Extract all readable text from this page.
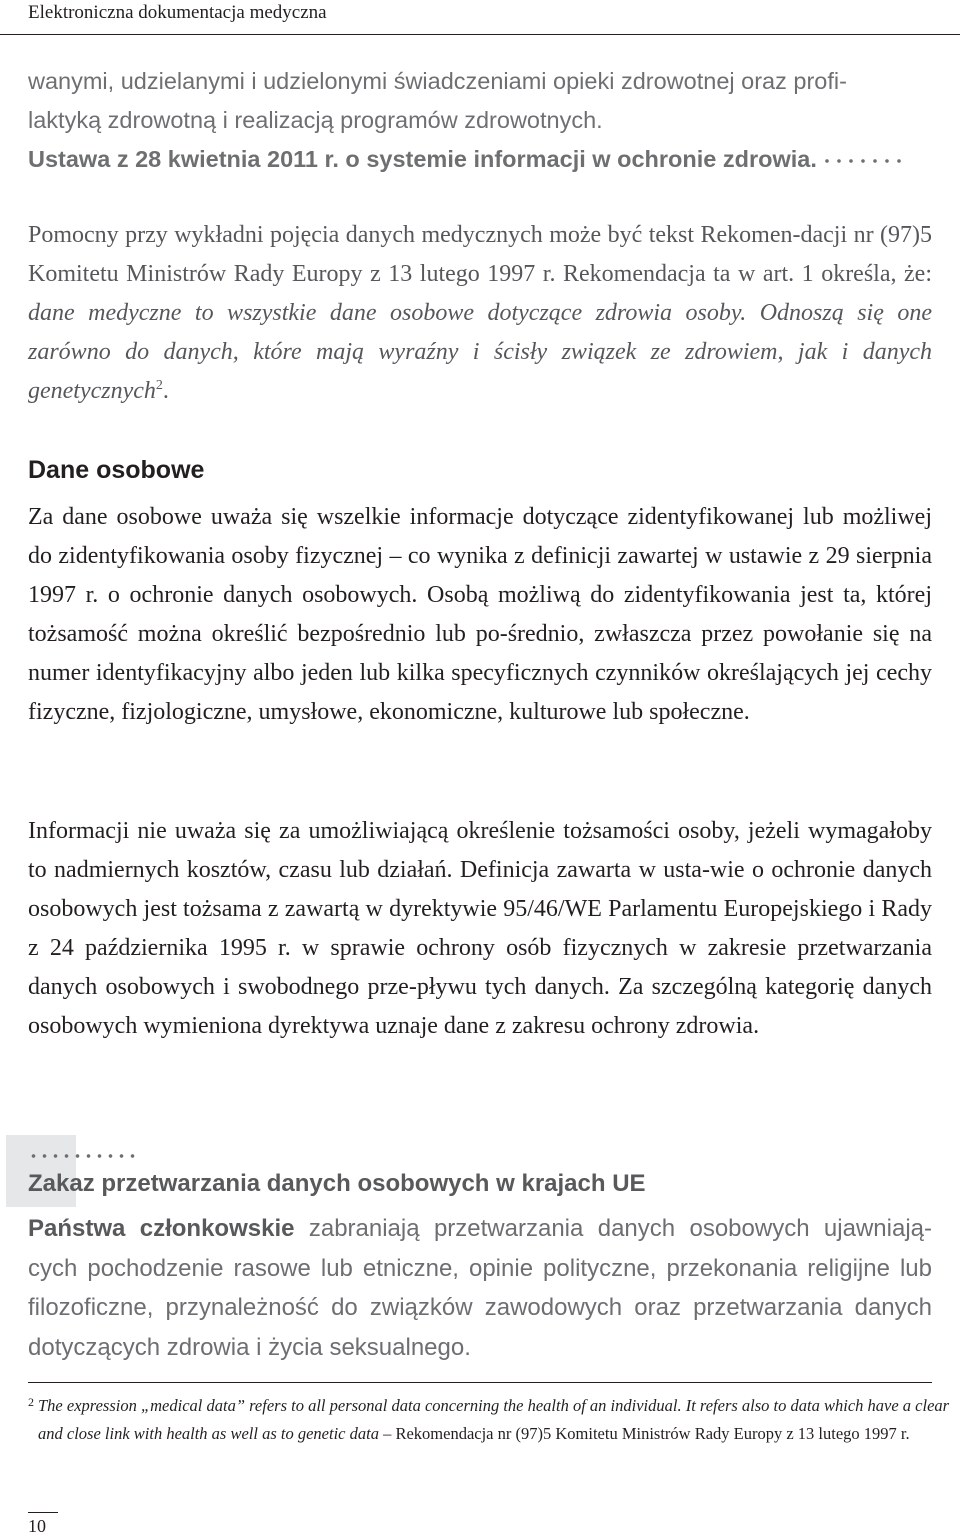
Elektroniczna dokumentacja medyczna

wanymi, udzielanymi i udzielonymi świadczeniami opieki zdrowotnej oraz profi-

laktyką zdrowotną i realizacją programów zdrowotnych.

Ustawa z 28 kwietnia 2011 r. o systemie informacji w ochronie zdrowia.

Pomocny przy wykładni pojęcia danych medycznych może być tekst Rekomen-dacji nr (97)5 Komitetu Ministrów Rady Europy z 13 lutego 1997 r. Rekomendacja ta w art. 1 określa, że: dane medyczne to wszystkie dane osobowe dotyczące zdrowia osoby. Odnoszą się one zarówno do danych, które mają wyraźny i ścisły związek ze zdrowiem, jak i danych genetycznych$^2$.

Dane osobowe

Za dane osobowe uważa się wszelkie informacje dotyczące zidentyfikowanej lub możliwej do zidentyfikowania osoby fizycznej – co wynika z definicji zawartej w ustawie z 29 sierpnia 1997 r. o ochronie danych osobowych. Osobą możliwą do zidentyfikowania jest ta, której tożsamość można określić bezpośrednio lub po-średnio, zwłaszcza przez powołanie się na numer identyfikacyjny albo jeden lub kilka specyficznych czynników określających jej cechy fizyczne, fizjologiczne, umysłowe, ekonomiczne, kulturowe lub społeczne.

Informacji nie uważa się za umożliwiającą określenie tożsamości osoby, jeżeli wymagałoby to nadmiernych kosztów, czasu lub działań. Definicja zawarta w usta-wie o ochronie danych osobowych jest tożsama z zawartą w dyrektywie 95/46/WE Parlamentu Europejskiego i Rady z 24 października 1995 r. w sprawie ochrony osób fizycznych w zakresie przetwarzania danych osobowych i swobodnego prze-pływu tych danych. Za szczególną kategorię danych osobowych wymieniona dyrektywa uznaje dane z zakresu ochrony zdrowia.

Zakaz przetwarzania danych osobowych w krajach UE

Państwa członkowskie zabraniają przetwarzania danych osobowych ujawniają-cych pochodzenie rasowe lub etniczne, opinie polityczne, przekonania religijne lub filozoficzne, przynależność do związków zawodowych oraz przetwarzania danych dotyczących zdrowia i życia seksualnego.

2 The expression „medical data” refers to all personal data concerning the health of an individual. It refers also to data which have a clear and close link with health as well as to genetic data – Rekomendacja nr (97)5 Komitetu Ministrów Rady Europy z 13 lutego 1997 r.

10
